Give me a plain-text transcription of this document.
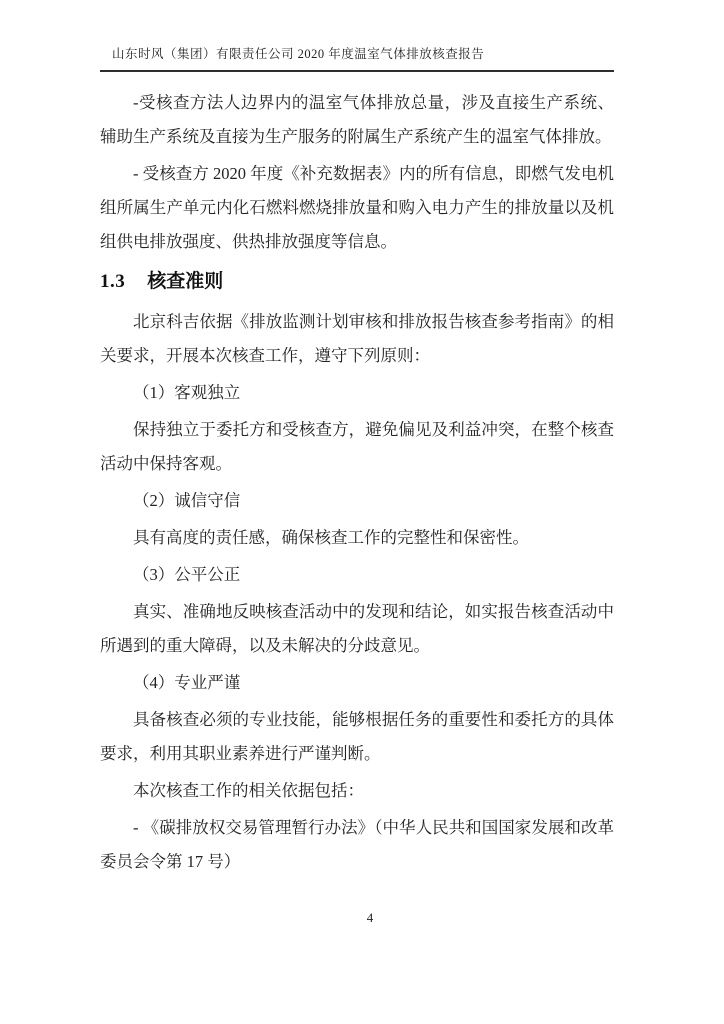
山东时风（集团）有限责任公司 2020 年度温室气体排放核查报告

-受核查方法人边界内的温室气体排放总量，涉及直接生产系统、辅助生产系统及直接为生产服务的附属生产系统产生的温室气体排放。

- 受核查方 2020 年度《补充数据表》内的所有信息，即燃气发电机组所属生产单元内化石燃料燃烧排放量和购入电力产生的排放量以及机组供电排放强度、供热排放强度等信息。

1.3 核查准则

北京科吉依据《排放监测计划审核和排放报告核查参考指南》的相关要求，开展本次核查工作，遵守下列原则：

（1）客观独立

保持独立于委托方和受核查方，避免偏见及利益冲突，在整个核查活动中保持客观。

（2）诚信守信

具有高度的责任感，确保核查工作的完整性和保密性。

（3）公平公正

真实、准确地反映核查活动中的发现和结论，如实报告核查活动中所遇到的重大障碍，以及未解决的分歧意见。

（4）专业严谨

具备核查必须的专业技能，能够根据任务的重要性和委托方的具体要求，利用其职业素养进行严谨判断。

本次核查工作的相关依据包括：

- 《碳排放权交易管理暂行办法》（中华人民共和国国家发展和改革委员会令第 17 号）

4
